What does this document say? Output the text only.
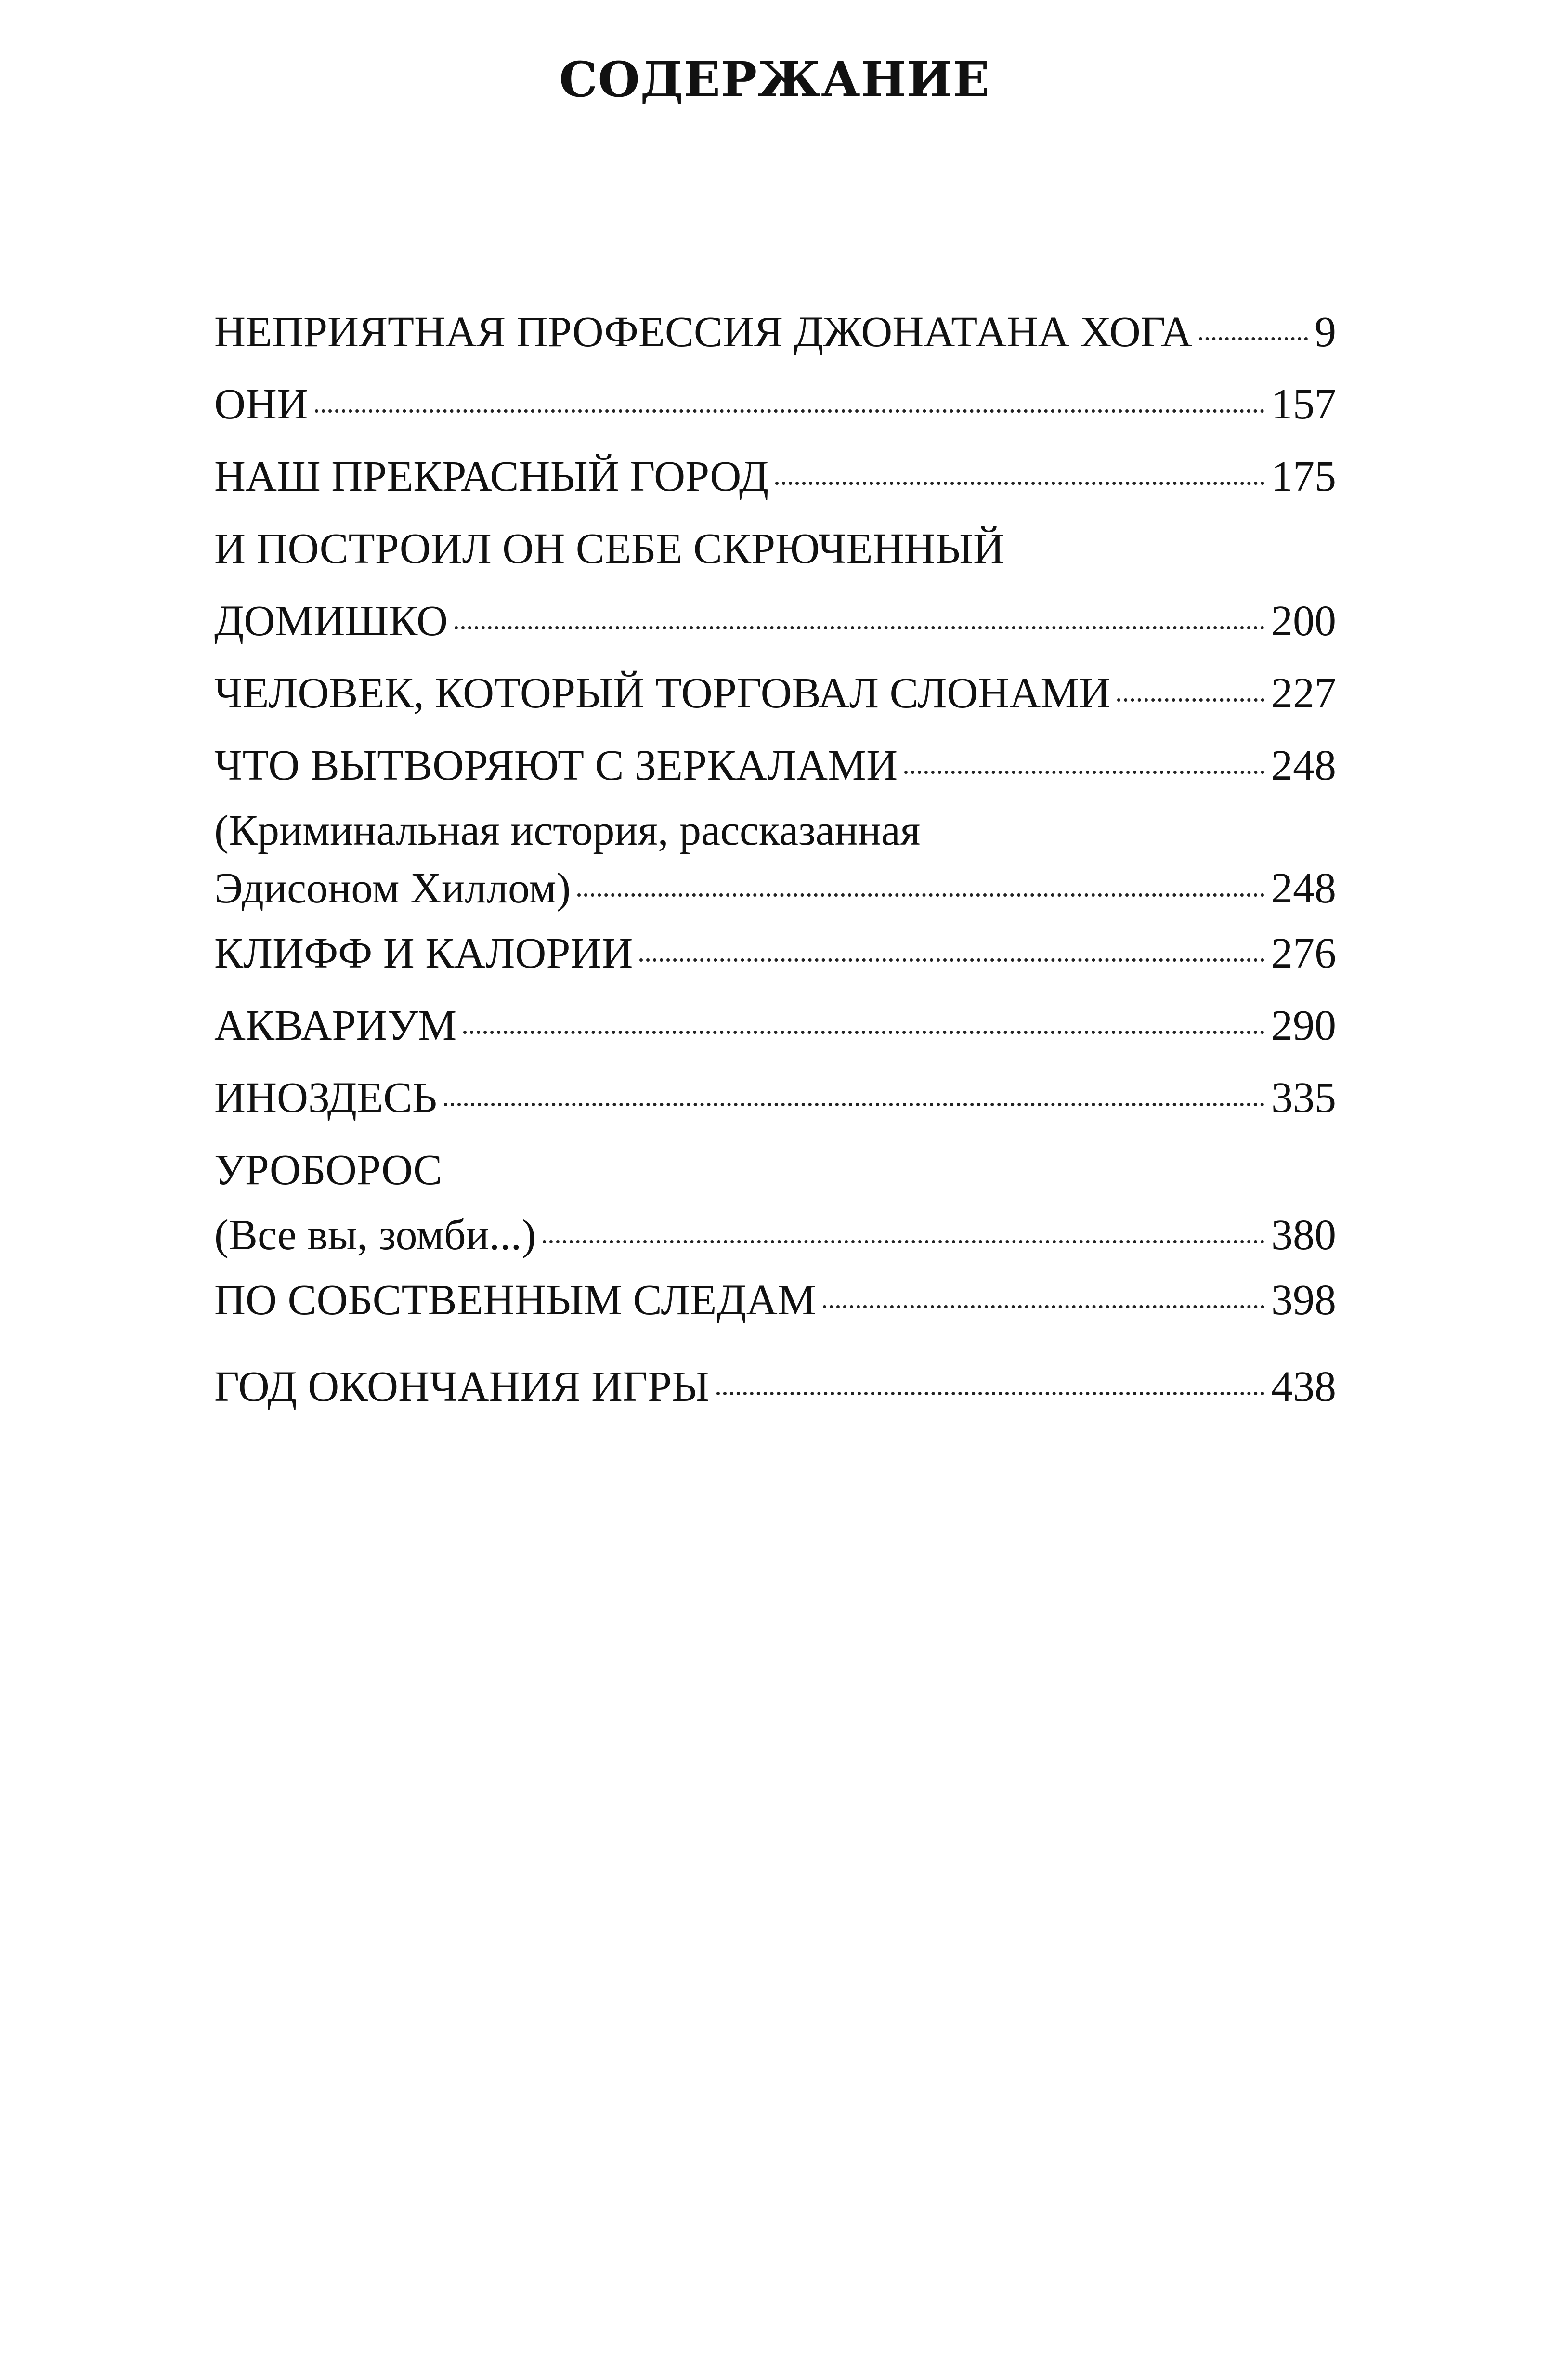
СОДЕРЖАНИЕ
НЕПРИЯТНАЯ ПРОФЕССИЯ ДЖОНАТАНА ХОГА	9
ОНИ	157
НАШ ПРЕКРАСНЫЙ ГОРОД	175
И ПОСТРОИЛ ОН СЕБЕ СКРЮЧЕННЫЙ
ДОМИШКО	200
ЧЕЛОВЕК, КОТОРЫЙ ТОРГОВАЛ СЛОНАМИ	227
ЧТО ВЫТВОРЯЮТ С ЗЕРКАЛАМИ	248
(Криминальная история, рассказанная
Эдисоном Хиллом)	248
КЛИФФ И КАЛОРИИ	276
АКВАРИУМ	290
ИНОЗДЕСЬ	335
УРОБОРОС
(Все вы, зомби...)	380
ПО СОБСТВЕННЫМ СЛЕДАМ	398
ГОД ОКОНЧАНИЯ ИГРЫ	438
